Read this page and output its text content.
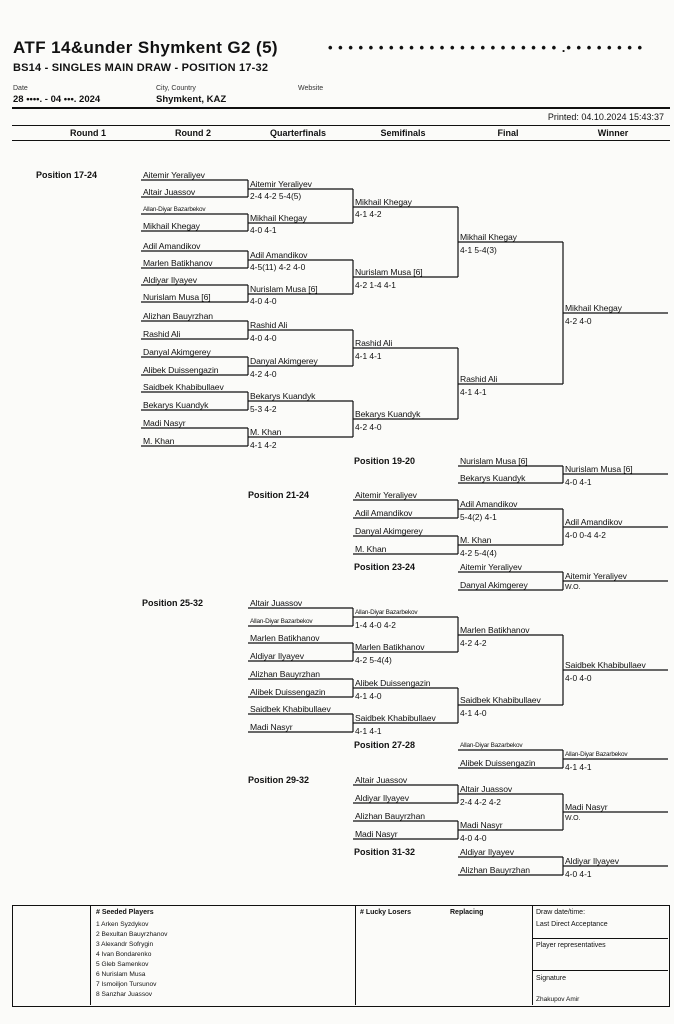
ATF 14&under Shymkent G2 (5)	• • • • • • • • • • • • • • • • • • • • • • • .• • • • • • • •
BS14 - SINGLES MAIN DRAW - POSITION 17-32
Date
28 ••••. - 04 •••. 2024
City, Country
Shymkent, KAZ
Website
Printed: 04.10.2024 15:43:37
Round 1	Round 2	Quarterfinals	Semifinals	Final	Winner
Position 17-24
Position 19-20
Position 21-24
Position 23-24
Position 25-32
Position 27-28
Position 29-32
Position 31-32
Aitemir Yeraliyev
Altair Juassov
Allan-Diyar Bazarbekov
Mikhail Khegay
Adil Amandikov
Marlen Batikhanov
Aldiyar Ilyayev
Nurislam Musa [6]
Alizhan Bauyrzhan
Rashid Ali
Danyal Akimgerey
Alibek Duissengazin
Saidbek Khabibullaev
Bekarys Kuandyk
Madi Nasyr
M. Khan
Aitemir Yeraliyev
2-4 4-2 5-4(5)
Mikhail Khegay
4-0 4-1
Adil Amandikov
4-5(11) 4-2 4-0
Nurislam Musa [6]
4-0 4-0
Rashid Ali
4-0 4-0
Danyal Akimgerey
4-2 4-0
Bekarys Kuandyk
5-3 4-2
M. Khan
4-1 4-2
Mikhail Khegay
4-1 4-2
Nurislam Musa [6]
4-2 1-4 4-1
Rashid Ali
4-1 4-1
Bekarys Kuandyk
4-2 4-0
Mikhail Khegay
4-1 5-4(3)
Rashid Ali
4-1 4-1
Mikhail Khegay
4-2 4-0
Nurislam Musa [6]
Bekarys Kuandyk
Nurislam Musa [6]
4-0 4-1
Aitemir Yeraliyev
Adil Amandikov
Danyal Akimgerey
M. Khan
Adil Amandikov
5-4(2) 4-1
M. Khan
4-2 5-4(4)
Adil Amandikov
4-0 0-4 4-2
Aitemir Yeraliyev
Danyal Akimgerey
Aitemir Yeraliyev
W.O.
Altair Juassov
Allan-Diyar Bazarbekov
Marlen Batikhanov
Aldiyar Ilyayev
Alizhan Bauyrzhan
Alibek Duissengazin
Saidbek Khabibullaev
Madi Nasyr
Allan-Diyar Bazarbekov
1-4 4-0 4-2
Marlen Batikhanov
4-2 5-4(4)
Alibek Duissengazin
4-1 4-0
Saidbek Khabibullaev
4-1 4-1
Marlen Batikhanov
4-2 4-2
Saidbek Khabibullaev
4-1 4-0
Saidbek Khabibullaev
4-0 4-0
Allan-Diyar Bazarbekov
Alibek Duissengazin
Allan-Diyar Bazarbekov
4-1 4-1
Altair Juassov
Aldiyar Ilyayev
Alizhan Bauyrzhan
Madi Nasyr
Altair Juassov
2-4 4-2 4-2
Madi Nasyr
4-0 4-0
Madi Nasyr
W.O.
Aldiyar Ilyayev
Alizhan Bauyrzhan
Aldiyar Ilyayev
4-0 4-1
# Seeded Players
1 Arken Syzdykov
2 Bexultan Bauyrzhanov
3 Alexandr Sofrygin
4 Ivan Bondarenko
5 Gleb Samenkov
6 Nurislam Musa
7 Ismoiljon Tursunov
8 Sanzhar Juassov
# Lucky Losers	Replacing	Draw date/time:
Last Direct Acceptance
Player representatives
Signature
Zhakupov Amir
